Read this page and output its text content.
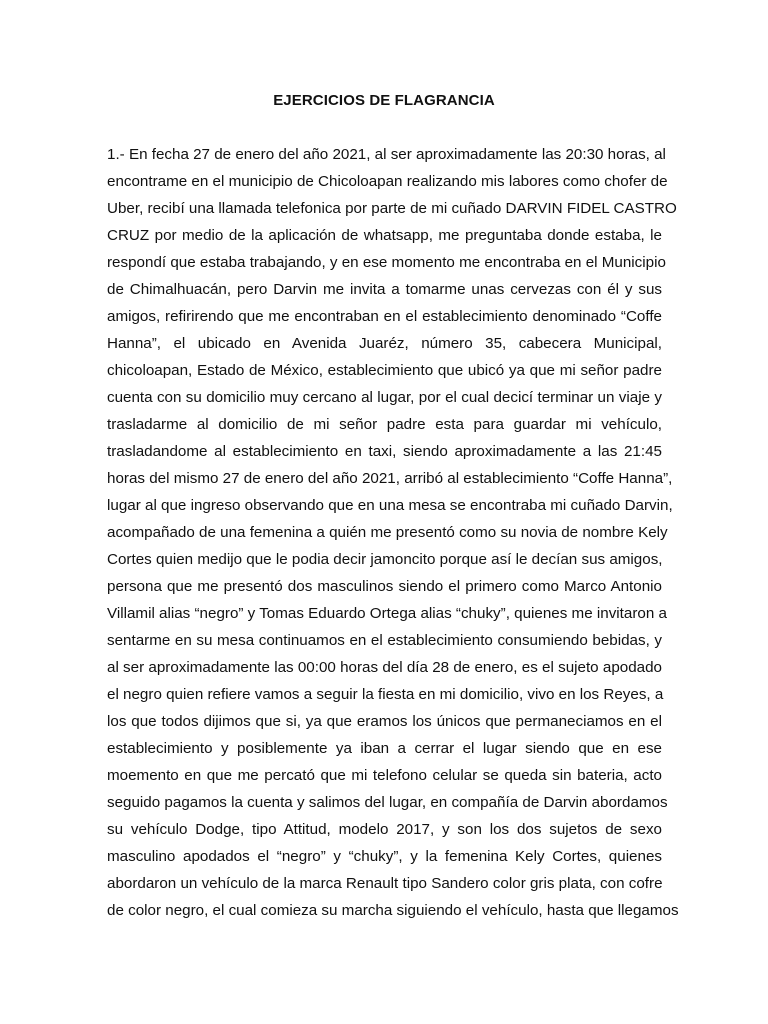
EJERCICIOS DE FLAGRANCIA
1.- En fecha 27 de enero del año 2021, al ser aproximadamente las 20:30 horas, al
encontrame en el municipio de Chicoloapan realizando mis labores como chofer de
Uber, recibí una llamada telefonica por parte de mi cuñado DARVIN FIDEL CASTRO
CRUZ por medio de la aplicación de whatsapp, me preguntaba donde estaba, le
respondí que estaba trabajando, y en ese momento me encontraba en el Municipio
de Chimalhuacán, pero Darvin me invita a tomarme unas cervezas con él y sus
amigos, refirirendo que me encontraban en el establecimiento denominado “Coffe
Hanna”, el ubicado en Avenida Juaréz, número 35, cabecera Municipal,
chicoloapan, Estado de México, establecimiento que ubicó ya que mi señor padre
cuenta con su domicilio muy cercano al lugar, por el cual decicí terminar un viaje y
trasladarme al domicilio de mi señor padre esta para guardar mi vehículo,
trasladandome al establecimiento en taxi, siendo aproximadamente a las 21:45
horas del mismo 27 de enero del año 2021, arribó al establecimiento “Coffe Hanna”,
lugar al que ingreso observando que en una mesa se encontraba mi cuñado Darvin,
acompañado de una femenina a quién me presentó como su novia de nombre Kely
Cortes quien medijo que le podia decir jamoncito porque así le decían sus amigos,
persona que me presentó dos masculinos siendo el primero como Marco Antonio
Villamil alias “negro” y Tomas Eduardo Ortega alias “chuky”, quienes me invitaron a
sentarme en su mesa continuamos en el establecimiento consumiendo bebidas, y
al ser aproximadamente las 00:00 horas del día 28 de enero, es el sujeto apodado
el negro quien refiere vamos a seguir la fiesta en mi domicilio, vivo en los Reyes, a
los que todos dijimos que si, ya que eramos los únicos que permaneciamos en el
establecimiento y posiblemente ya iban a cerrar el lugar siendo que en ese
moemento en que me percató que mi telefono celular se queda sin bateria, acto
seguido pagamos la cuenta y salimos del lugar, en compañía de Darvin abordamos
su vehículo Dodge, tipo Attitud, modelo 2017, y son los dos sujetos de sexo
masculino apodados el “negro” y “chuky”, y la femenina Kely Cortes, quienes
abordaron un vehículo de la marca Renault tipo Sandero color gris plata, con cofre
de color negro, el cual comieza su marcha siguiendo el vehículo, hasta que llegamos
